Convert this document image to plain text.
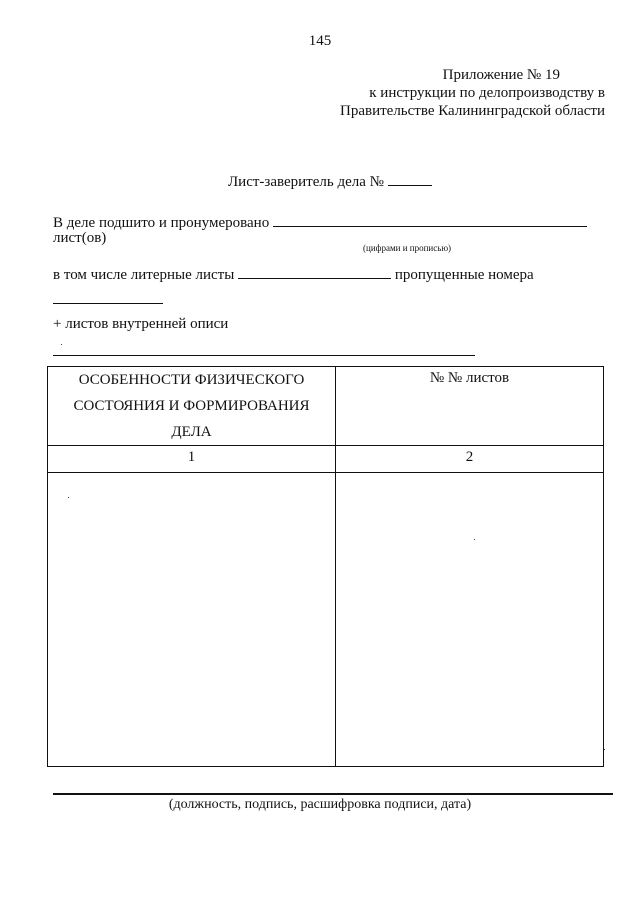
145
Приложение № 19
к инструкции по делопроизводству в
Правительстве Калининградской области
Лист-заверитель дела №
В деле подшито и пронумеровано
лист(ов)
(цифрами и прописью)
в том числе литерные листы	пропущенные номера
+ листов внутренней описи
ОСОБЕННОСТИ ФИЗИЧЕСКОГО СОСТОЯНИЯ И ФОРМИРОВАНИЯ ДЕЛА	№ № листов

1	2

(должность, подпись, расшифровка подписи, дата)
